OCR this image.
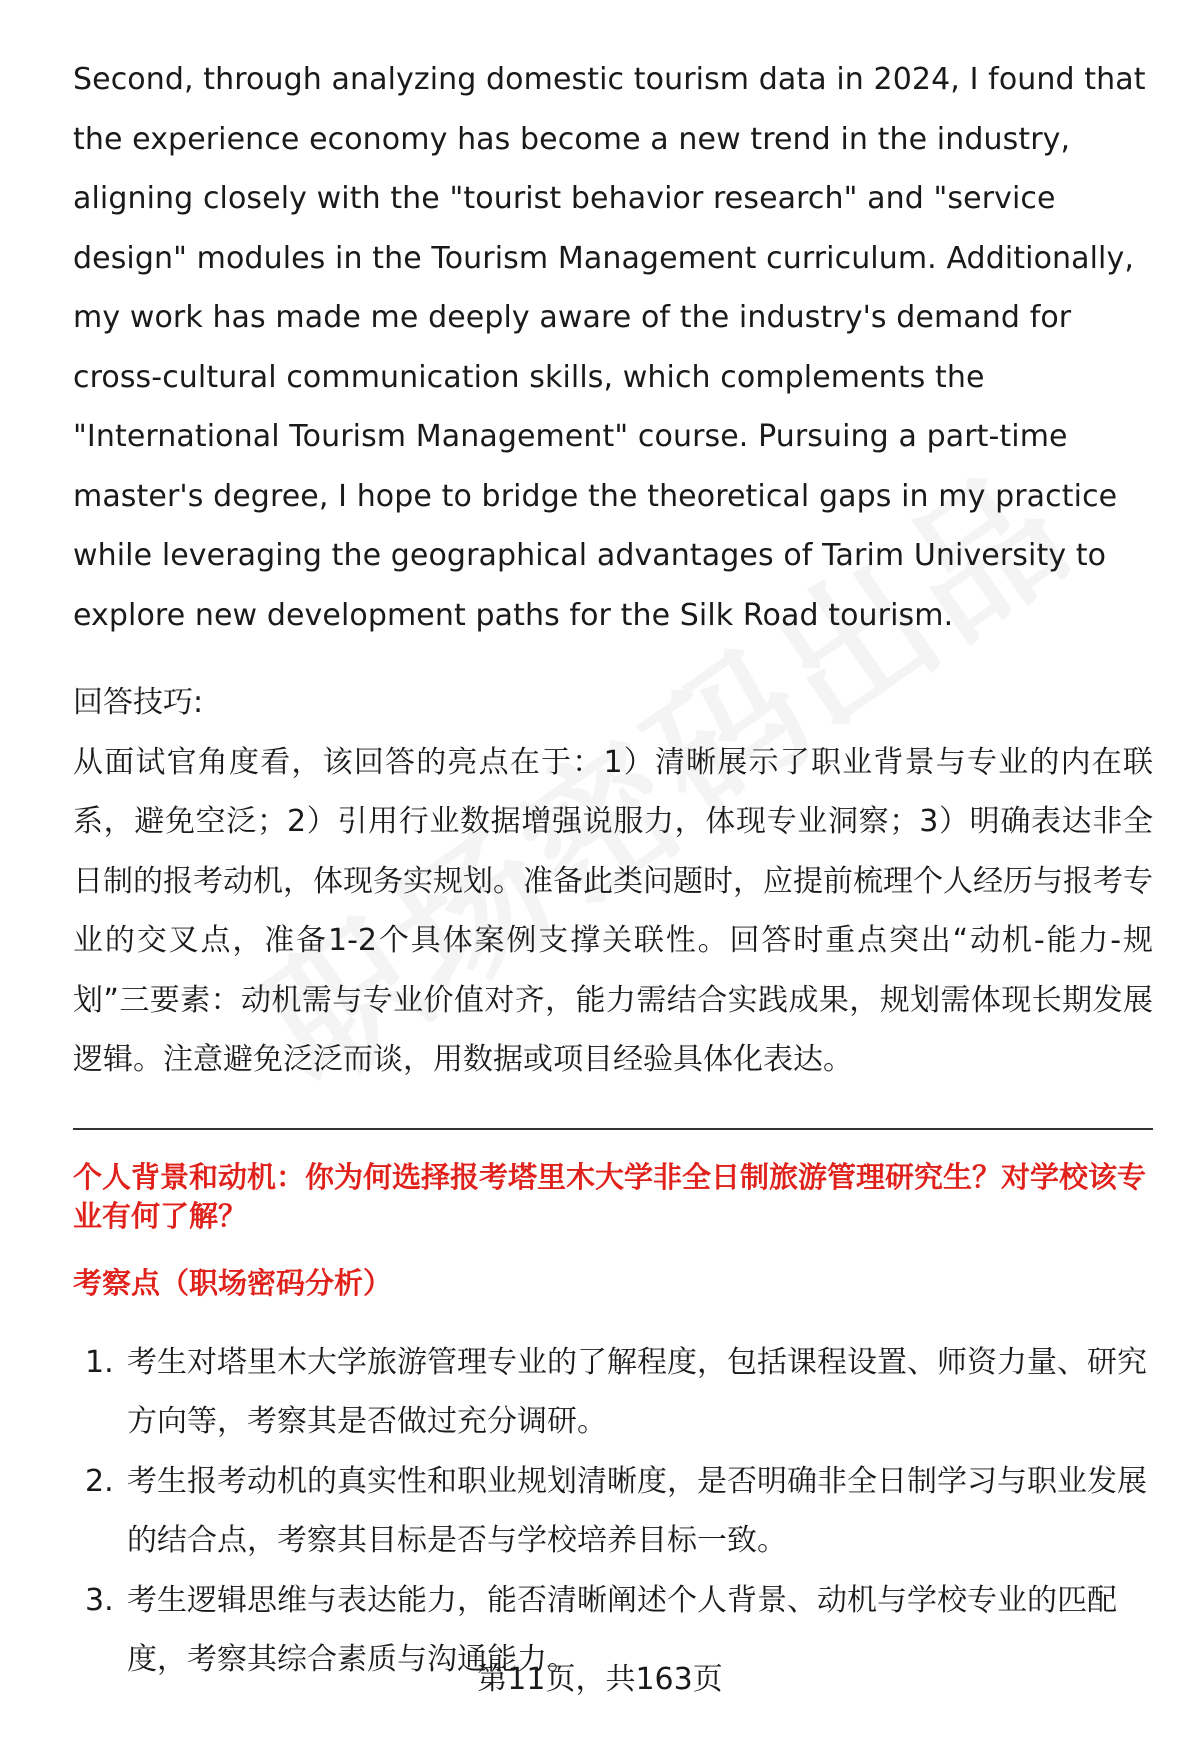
Second, through analyzing domestic tourism data in 2024, I found that the experience economy has become a new trend in the industry, aligning closely with the "tourist behavior research" and "service design" modules in the Tourism Management curriculum. Additionally, my work has made me deeply aware of the industry's demand for cross-cultural communication skills, which complements the "International Tourism Management" course. Pursuing a part-time master's degree, I hope to bridge the theoretical gaps in my practice while leveraging the geographical advantages of Tarim University to explore new development paths for the Silk Road tourism.

回答技巧:

从面试官角度看，该回答的亮点在于：1）清晰展示了职业背景与专业的内在联系，避免空泛；2）引用行业数据增强说服力，体现专业洞察；3）明确表达非全日制的报考动机，体现务实规划。准备此类问题时，应提前梳理个人经历与报考专业的交叉点，准备1-2个具体案例支撑关联性。回答时重点突出“动机-能力-规划”三要素：动机需与专业价值对齐，能力需结合实践成果，规划需体现长期发展逻辑。注意避免泛泛而谈，用数据或项目经验具体化表达。

个人背景和动机：你为何选择报考塔里木大学非全日制旅游管理研究生？对学校该专业有何了解？

考察点（职场密码分析）

1. 考生对塔里木大学旅游管理专业的了解程度，包括课程设置、师资力量、研究方向等，考察其是否做过充分调研。
2. 考生报考动机的真实性和职业规划清晰度，是否明确非全日制学习与职业发展的结合点，考察其目标是否与学校培养目标一致。
3. 考生逻辑思维与表达能力，能否清晰阐述个人背景、动机与学校专业的匹配度，考察其综合素质与沟通能力。
第11页，共163页
